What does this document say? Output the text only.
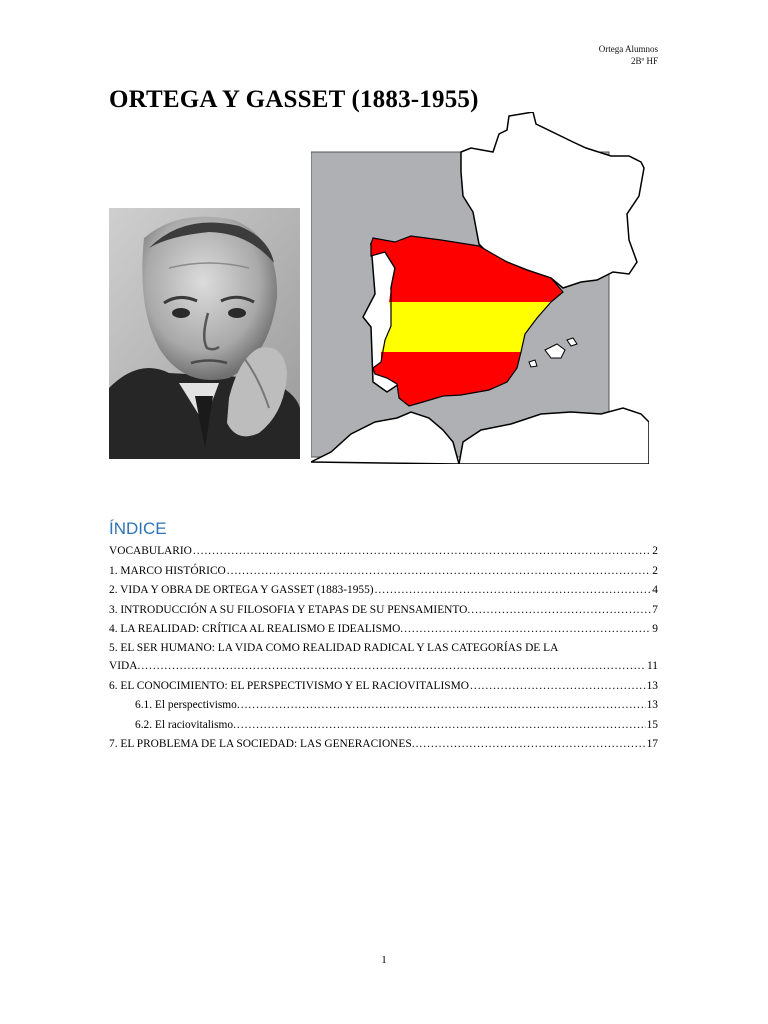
Ortega Alumnos
2Bº HF
ORTEGA Y GASSET (1883-1955)
ÍNDICE
VOCABULARIO .....	2
1. MARCO HISTÓRICO .....	2
2. VIDA Y OBRA DE ORTEGA Y GASSET (1883-1955) .....	4
3. INTRODUCCIÓN A SU FILOSOFIA Y ETAPAS DE SU PENSAMIENTO. .....	7
4. LA REALIDAD: CRÍTICA AL REALISMO E IDEALISMO. .....	9
5. EL SER HUMANO: LA VIDA COMO REALIDAD RADICAL Y LAS CATEGORÍAS DE LA
VIDA. .....	11
6. EL CONOCIMIENTO: EL PERSPECTIVISMO Y EL RACIOVITALISMO .....	13
6.1. El perspectivismo. .....	13
6.2. El raciovitalismo. .....	15
7. EL PROBLEMA DE LA SOCIEDAD: LAS GENERACIONES. .....	17
1
